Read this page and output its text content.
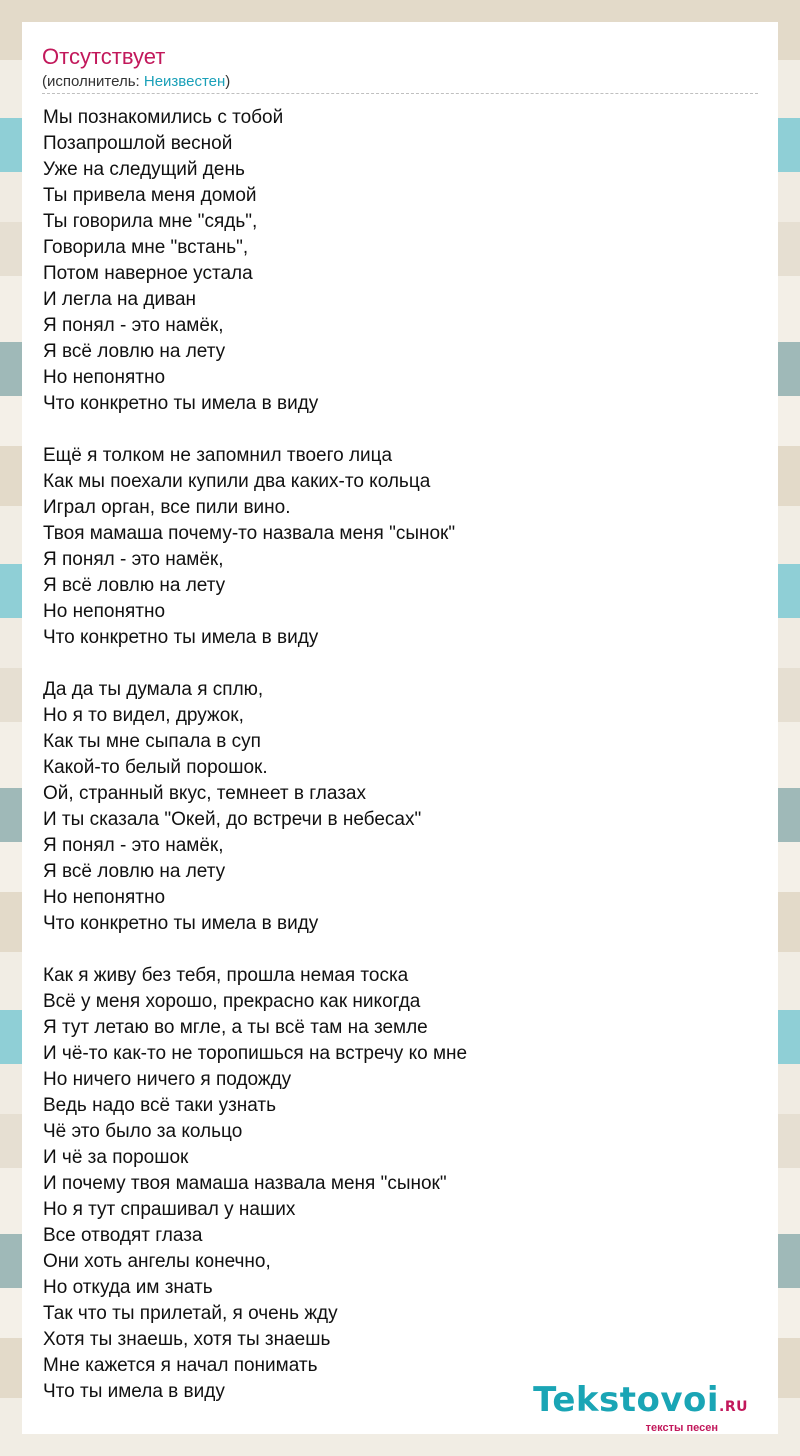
Отсутствует
(исполнитель: Неизвестен)
Мы познакомились с тобой
Позапрошлой весной
Уже на следущий день
Ты привела меня домой
Ты говорила мне "сядь",
Говорила мне "встань",
Потом наверное устала
И легла на диван
Я понял - это намёк,
Я всё ловлю на лету
Но непонятно
Что конкретно ты имела в виду
Ещё я толком не запомнил твоего лица
Как мы поехали купили два каких-то кольца
Играл орган, все пили вино.
Твоя мамаша почему-то назвала меня "сынок"
Я понял - это намёк,
Я всё ловлю на лету
Но непонятно
Что конкретно ты имела в виду
Да да ты думала я сплю,
Но я то видел, дружок,
Как ты мне сыпала в суп
Какой-то белый порошок.
Ой, странный вкус, темнеет в глазах
И ты сказала "Окей, до встречи в небесах"
Я понял - это намёк,
Я всё ловлю на лету
Но непонятно
Что конкретно ты имела в виду
Как я живу без тебя, прошла немая тоска
Всё у меня хорошо, прекрасно как никогда
Я тут летаю во мгле, а ты всё там на земле
И чё-то как-то не торопишься на встречу ко мне
Но ничего ничего я подожду
Ведь надо всё таки узнать
Чё это было за кольцо
И чё за порошок
И почему твоя мамаша назвала меня "сынок"
Но я тут спрашивал у наших
Все отводят глаза
Они хоть ангелы конечно,
Но откуда им знать
Так что ты прилетай, я очень жду
Хотя ты знаешь, хотя ты знаешь
Мне кажется я начал понимать
Что ты имела в виду	Tekstovoi.RU
тексты песен
